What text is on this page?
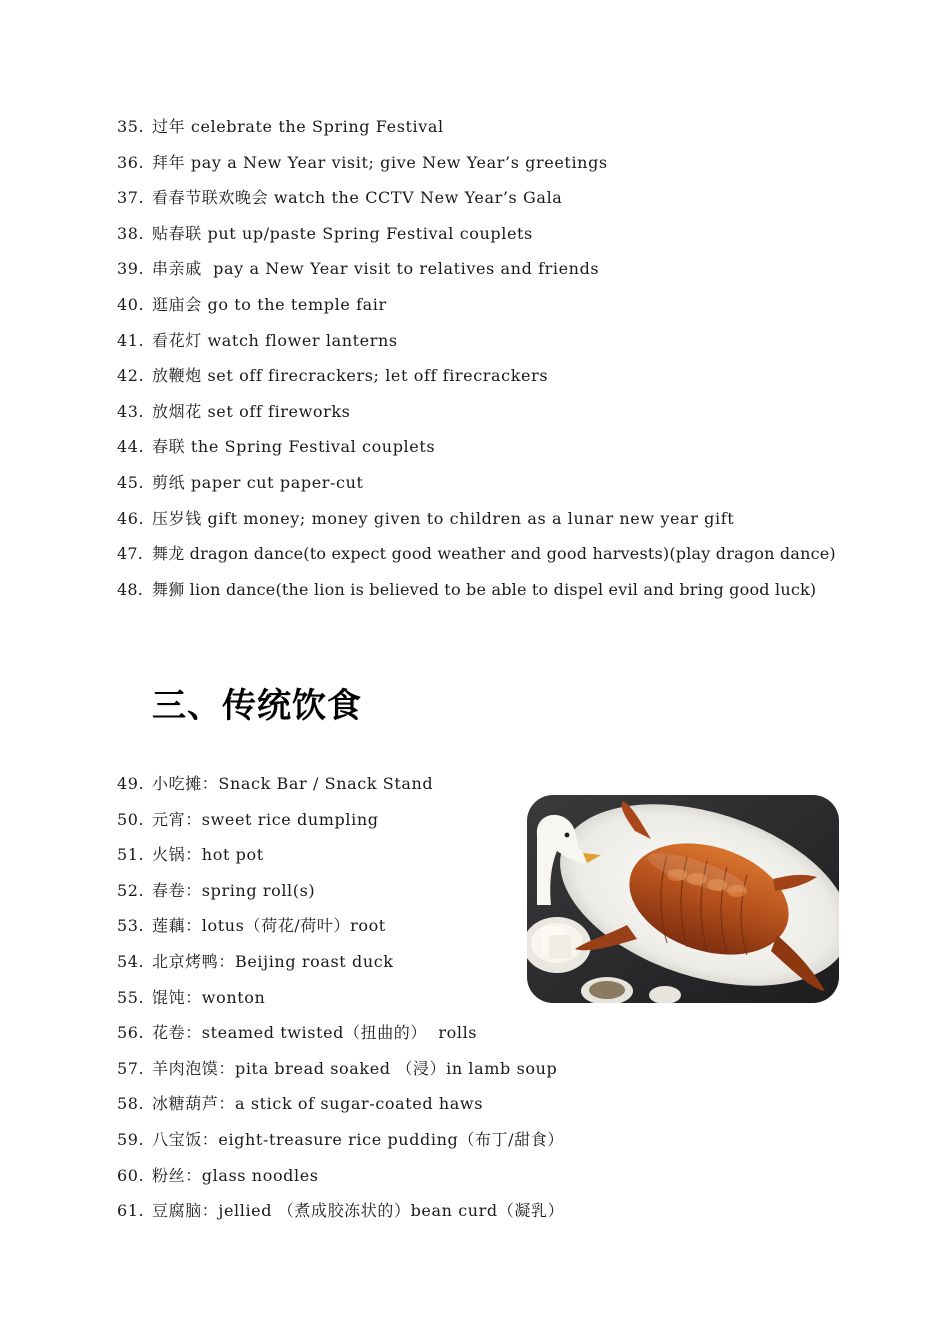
35. 过年 celebrate the Spring Festival
36. 拜年 pay a New Year visit; give New Year’s greetings
37. 看春节联欢晚会 watch the CCTV New Year’s Gala
38. 贴春联 put up/paste Spring Festival couplets
39. 串亲戚  pay a New Year visit to relatives and friends
40. 逛庙会 go to the temple fair
41. 看花灯 watch flower lanterns
42. 放鞭炮 set off firecrackers; let off firecrackers
43. 放烟花 set off fireworks
44. 春联 the Spring Festival couplets
45. 剪纸 paper cut paper-cut
46. 压岁钱 gift money; money given to children as a lunar new year gift
47. 舞龙 dragon dance(to expect good weather and good harvests)(play dragon dance)
48. 舞狮 lion dance(the lion is believed to be able to dispel evil and bring good luck)
三、传统饮食
49. 小吃摊：Snack Bar / Snack Stand
50. 元宵：sweet rice dumpling
51. 火锅：hot pot
52. 春卷：spring roll(s)
53. 莲藕：lotus（荷花/荷叶）root
54. 北京烤鸭：Beijing roast duck
55. 馄饨：wonton
56. 花卷：steamed twisted（扭曲的）  rolls
57. 羊肉泡馍：pita bread soaked （浸）in lamb soup
58. 冰糖葫芦：a stick of sugar-coated haws
59. 八宝饭：eight-treasure rice pudding（布丁/甜食）
60. 粉丝：glass noodles
61. 豆腐脑：jellied （煮成胶冻状的）bean curd（凝乳）
